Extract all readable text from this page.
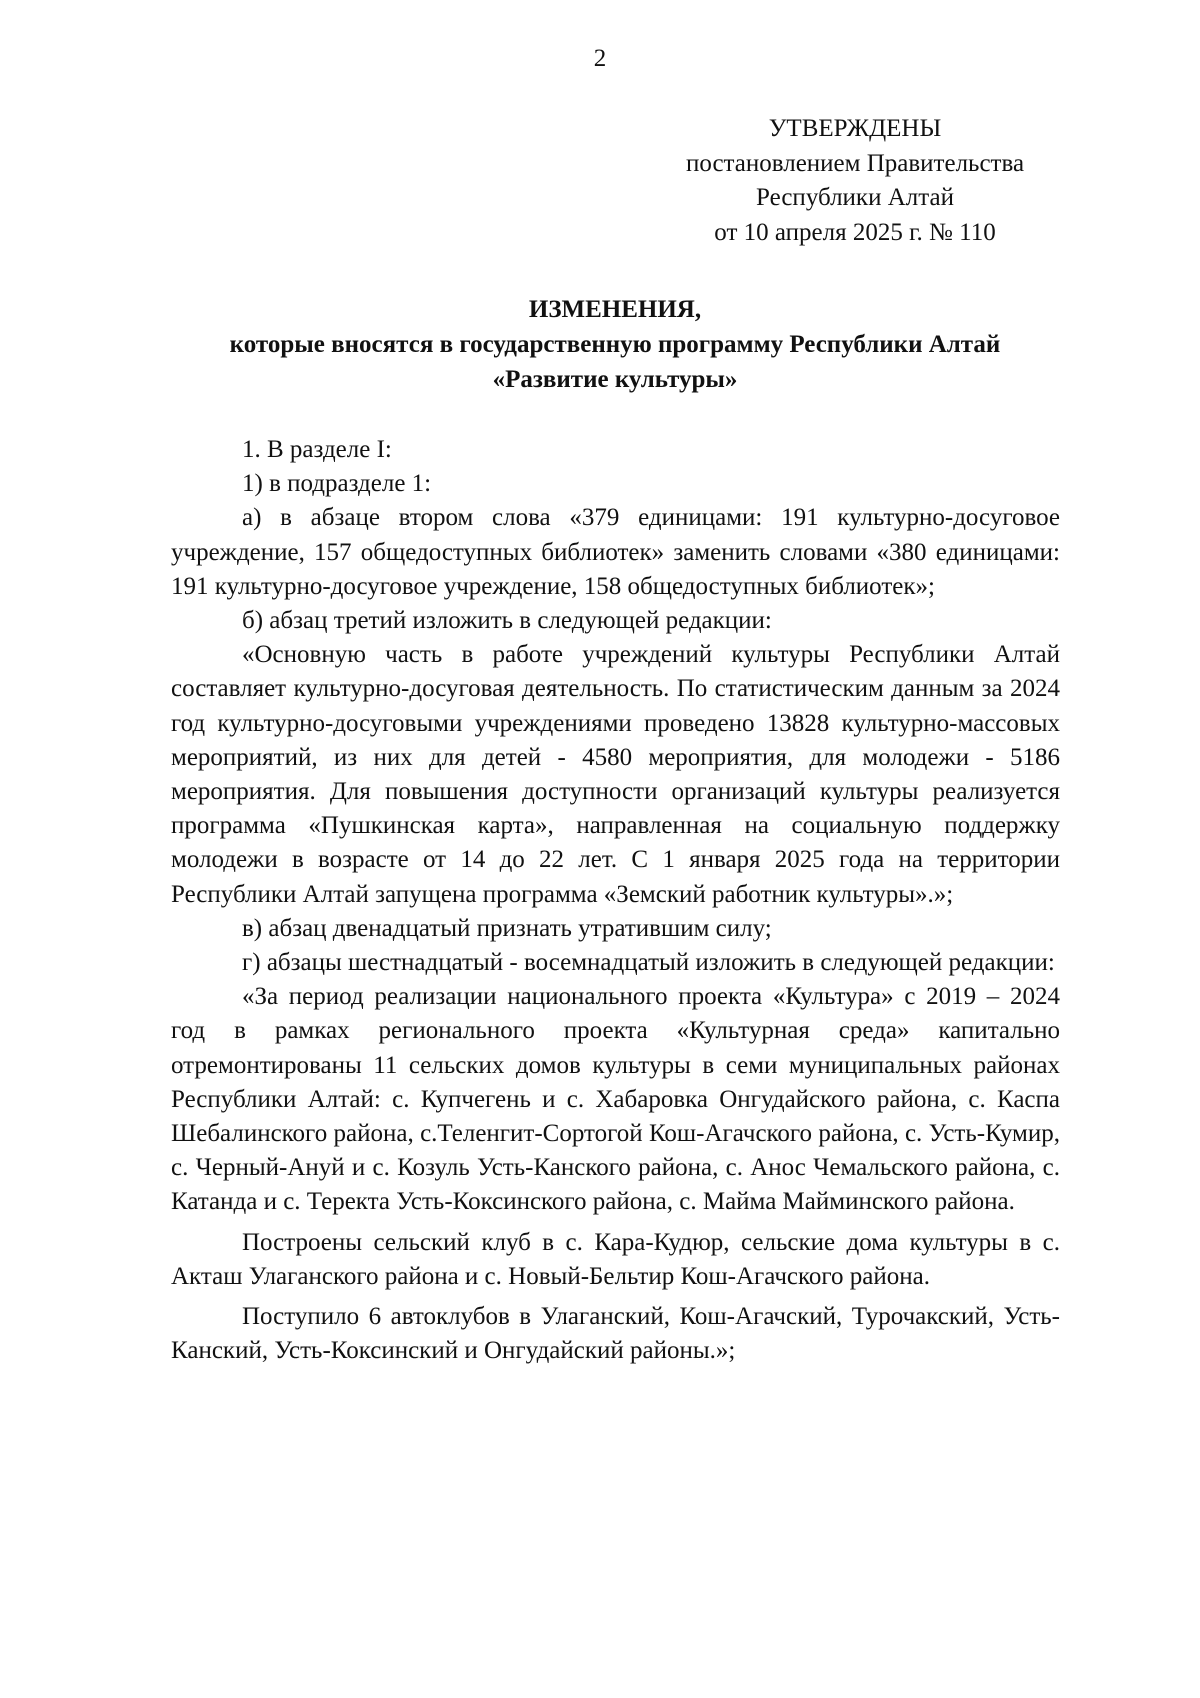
2
УТВЕРЖДЕНЫ
постановлением Правительства
Республики Алтай
от 10 апреля 2025 г. № 110
ИЗМЕНЕНИЯ,
которые вносятся в государственную программу Республики Алтай
«Развитие культуры»

1. В разделе I:

1) в подразделе 1:

а) в абзаце втором слова «379 единицами: 191 культурно-досуговое учреждение, 157 общедоступных библиотек» заменить словами «380 единицами: 191 культурно-досуговое учреждение, 158 общедоступных библиотек»;

б) абзац третий изложить в следующей редакции:

«Основную часть в работе учреждений культуры Республики Алтай составляет культурно-досуговая деятельность. По статистическим данным за 2024 год культурно-досуговыми учреждениями проведено 13828 культурно-массовых мероприятий, из них для детей - 4580 мероприятия, для молодежи - 5186 мероприятия. Для повышения доступности организаций культуры реализуется программа «Пушкинская карта», направленная на социальную поддержку молодежи в возрасте от 14 до 22 лет. С 1 января 2025 года на территории Республики Алтай запущена программа «Земский работник культуры».»;

в) абзац двенадцатый признать утратившим силу;

г) абзацы шестнадцатый - восемнадцатый изложить в следующей редакции:

«За период реализации национального проекта «Культура» с 2019 – 2024 год в рамках регионального проекта «Культурная среда» капитально отремонтированы 11 сельских домов культуры в семи муниципальных районах Республики Алтай: с. Купчегень и с. Хабаровка Онгудайского района, с. Каспа Шебалинского района, с.Теленгит-Сортогой Кош-Агачского района, с. Усть-Кумир, с. Черный-Ануй и с. Козуль Усть-Канского района, с. Анос Чемальского района, с. Катанда и с. Теректа Усть-Коксинского района, с. Майма Майминского района.

Построены сельский клуб в с. Кара-Кудюр, сельские дома культуры в с. Акташ Улаганского района и с. Новый-Бельтир Кош-Агачского района.

Поступило 6 автоклубов в Улаганский, Кош-Агачский, Турочакский, Усть-Канский, Усть-Коксинский и Онгудайский районы.»;
